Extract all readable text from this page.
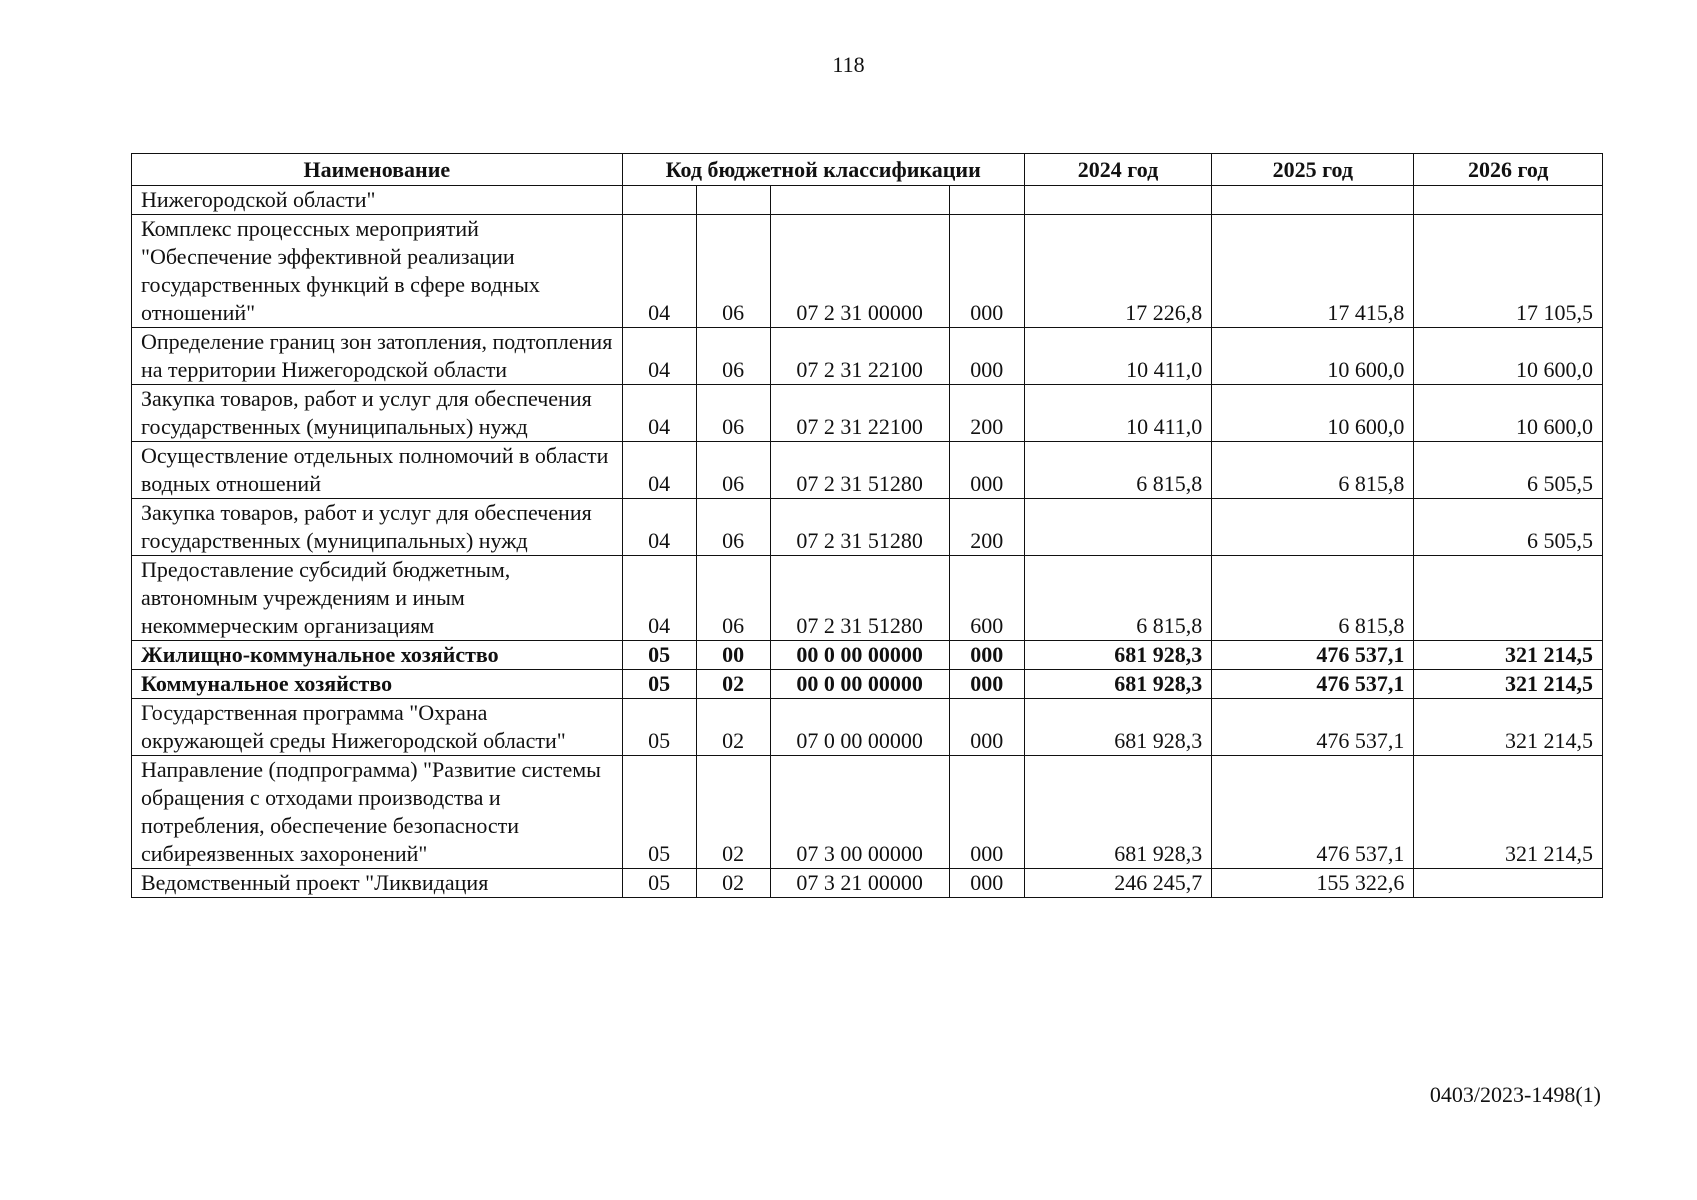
118
Наименование	Код бюджетной классификации				2024 год	2025 год	2026 год
Нижегородской области"							
Комплекс процессных мероприятий "Обеспечение эффективной реализации государственных функций в сфере водных отношений"	04	06	07 2 31 00000	000	17 226,8	17 415,8	17 105,5
Определение границ зон затопления, подтопления на территории Нижегородской области	04	06	07 2 31 22100	000	10 411,0	10 600,0	10 600,0
Закупка товаров, работ и услуг для обеспечения государственных (муниципальных) нужд	04	06	07 2 31 22100	200	10 411,0	10 600,0	10 600,0
Осуществление отдельных полномочий в области водных отношений	04	06	07 2 31 51280	000	6 815,8	6 815,8	6 505,5
Закупка товаров, работ и услуг для обеспечения государственных (муниципальных) нужд	04	06	07 2 31 51280	200			6 505,5
Предоставление субсидий бюджетным, автономным учреждениям и иным некоммерческим организациям	04	06	07 2 31 51280	600	6 815,8	6 815,8	
Жилищно-коммунальное хозяйство	05	00	00 0 00 00000	000	681 928,3	476 537,1	321 214,5
Коммунальное хозяйство	05	02	00 0 00 00000	000	681 928,3	476 537,1	321 214,5
Государственная программа "Охрана окружающей среды Нижегородской области"	05	02	07 0 00 00000	000	681 928,3	476 537,1	321 214,5
Направление (подпрограмма) "Развитие системы обращения с отходами производства и потребления, обеспечение безопасности сибиреязвенных захоронений"	05	02	07 3 00 00000	000	681 928,3	476 537,1	321 214,5
Ведомственный проект "Ликвидация	05	02	07 3 21 00000	000	246 245,7	155 322,6	
0403/2023-1498(1)
